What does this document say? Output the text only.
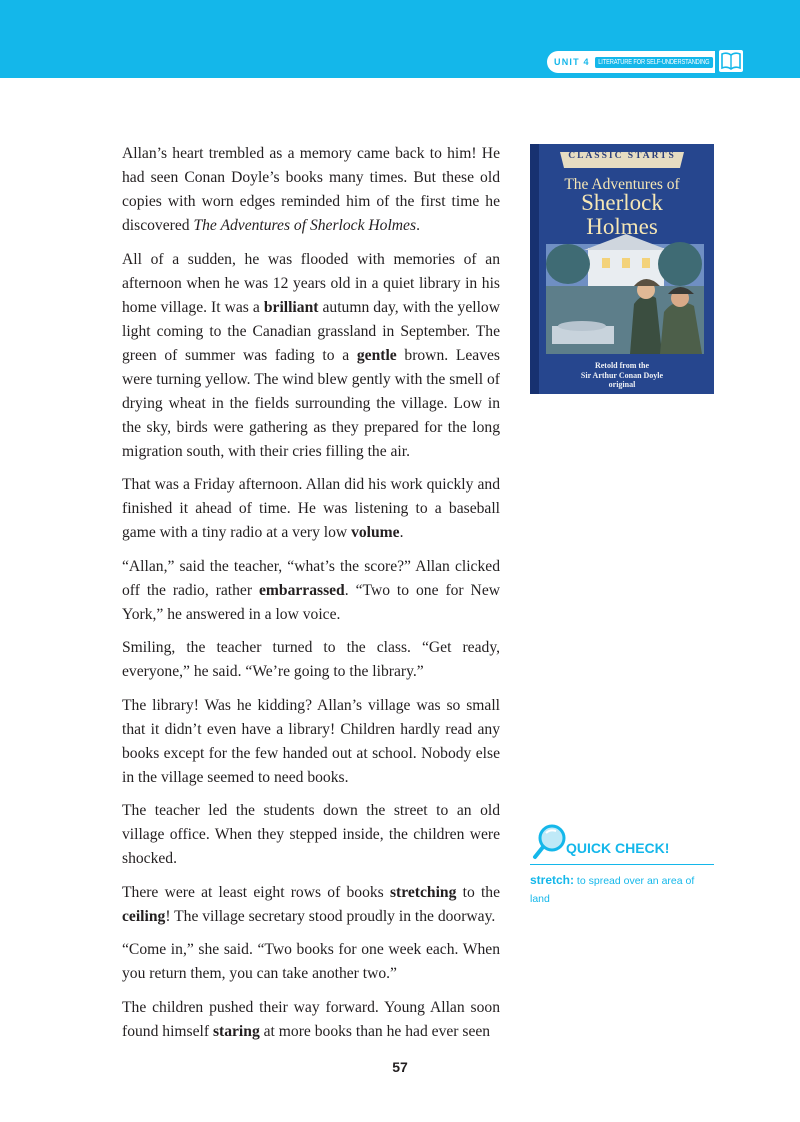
UNIT 4	LITERATURE FOR SELF-UNDERSTANDING

Allan’s heart trembled as a memory came back to him! He had seen Conan Doyle’s books many times. But these old copies with worn edges reminded him of the first time he discovered The Adventures of Sherlock Holmes.

All of a sudden, he was flooded with memories of an afternoon when he was 12 years old in a quiet library in his home village. It was a brilliant autumn day, with the yellow light coming to the Canadian grassland in September. The green of summer was fading to a gentle brown. Leaves were turning yellow. The wind blew gently with the smell of drying wheat in the fields surrounding the village. Low in the sky, birds were gathering as they prepared for the long migration south, with their cries filling the air.

That was a Friday afternoon. Allan did his work quickly and finished it ahead of time. He was listening to a baseball game with a tiny radio at a very low volume.

“Allan,” said the teacher, “what’s the score?” Allan clicked off the radio, rather embarrassed. “Two to one for New York,” he answered in a low voice.

Smiling, the teacher turned to the class. “Get ready, everyone,” he said. “We’re going to the library.”

The library! Was he kidding? Allan’s village was so small that it didn’t even have a library! Children hardly read any books except for the few handed out at school. Nobody else in the village seemed to need books.

The teacher led the students down the street to an old village office. When they stepped inside, the children were shocked.

There were at least eight rows of books stretching to the ceiling! The village secretary stood proudly in the doorway.

“Come in,” she said. “Two books for one week each. When you return them, you can take another two.”

The children pushed their way forward. Young Allan soon found himself staring at more books than he had ever seen

CLASSIC STARTS
The Adventures of
Sherlock
Holmes
Retold from the
Sir Arthur Conan Doyle
original
QUICK CHECK!
stretch: to spread over an area of land
57
